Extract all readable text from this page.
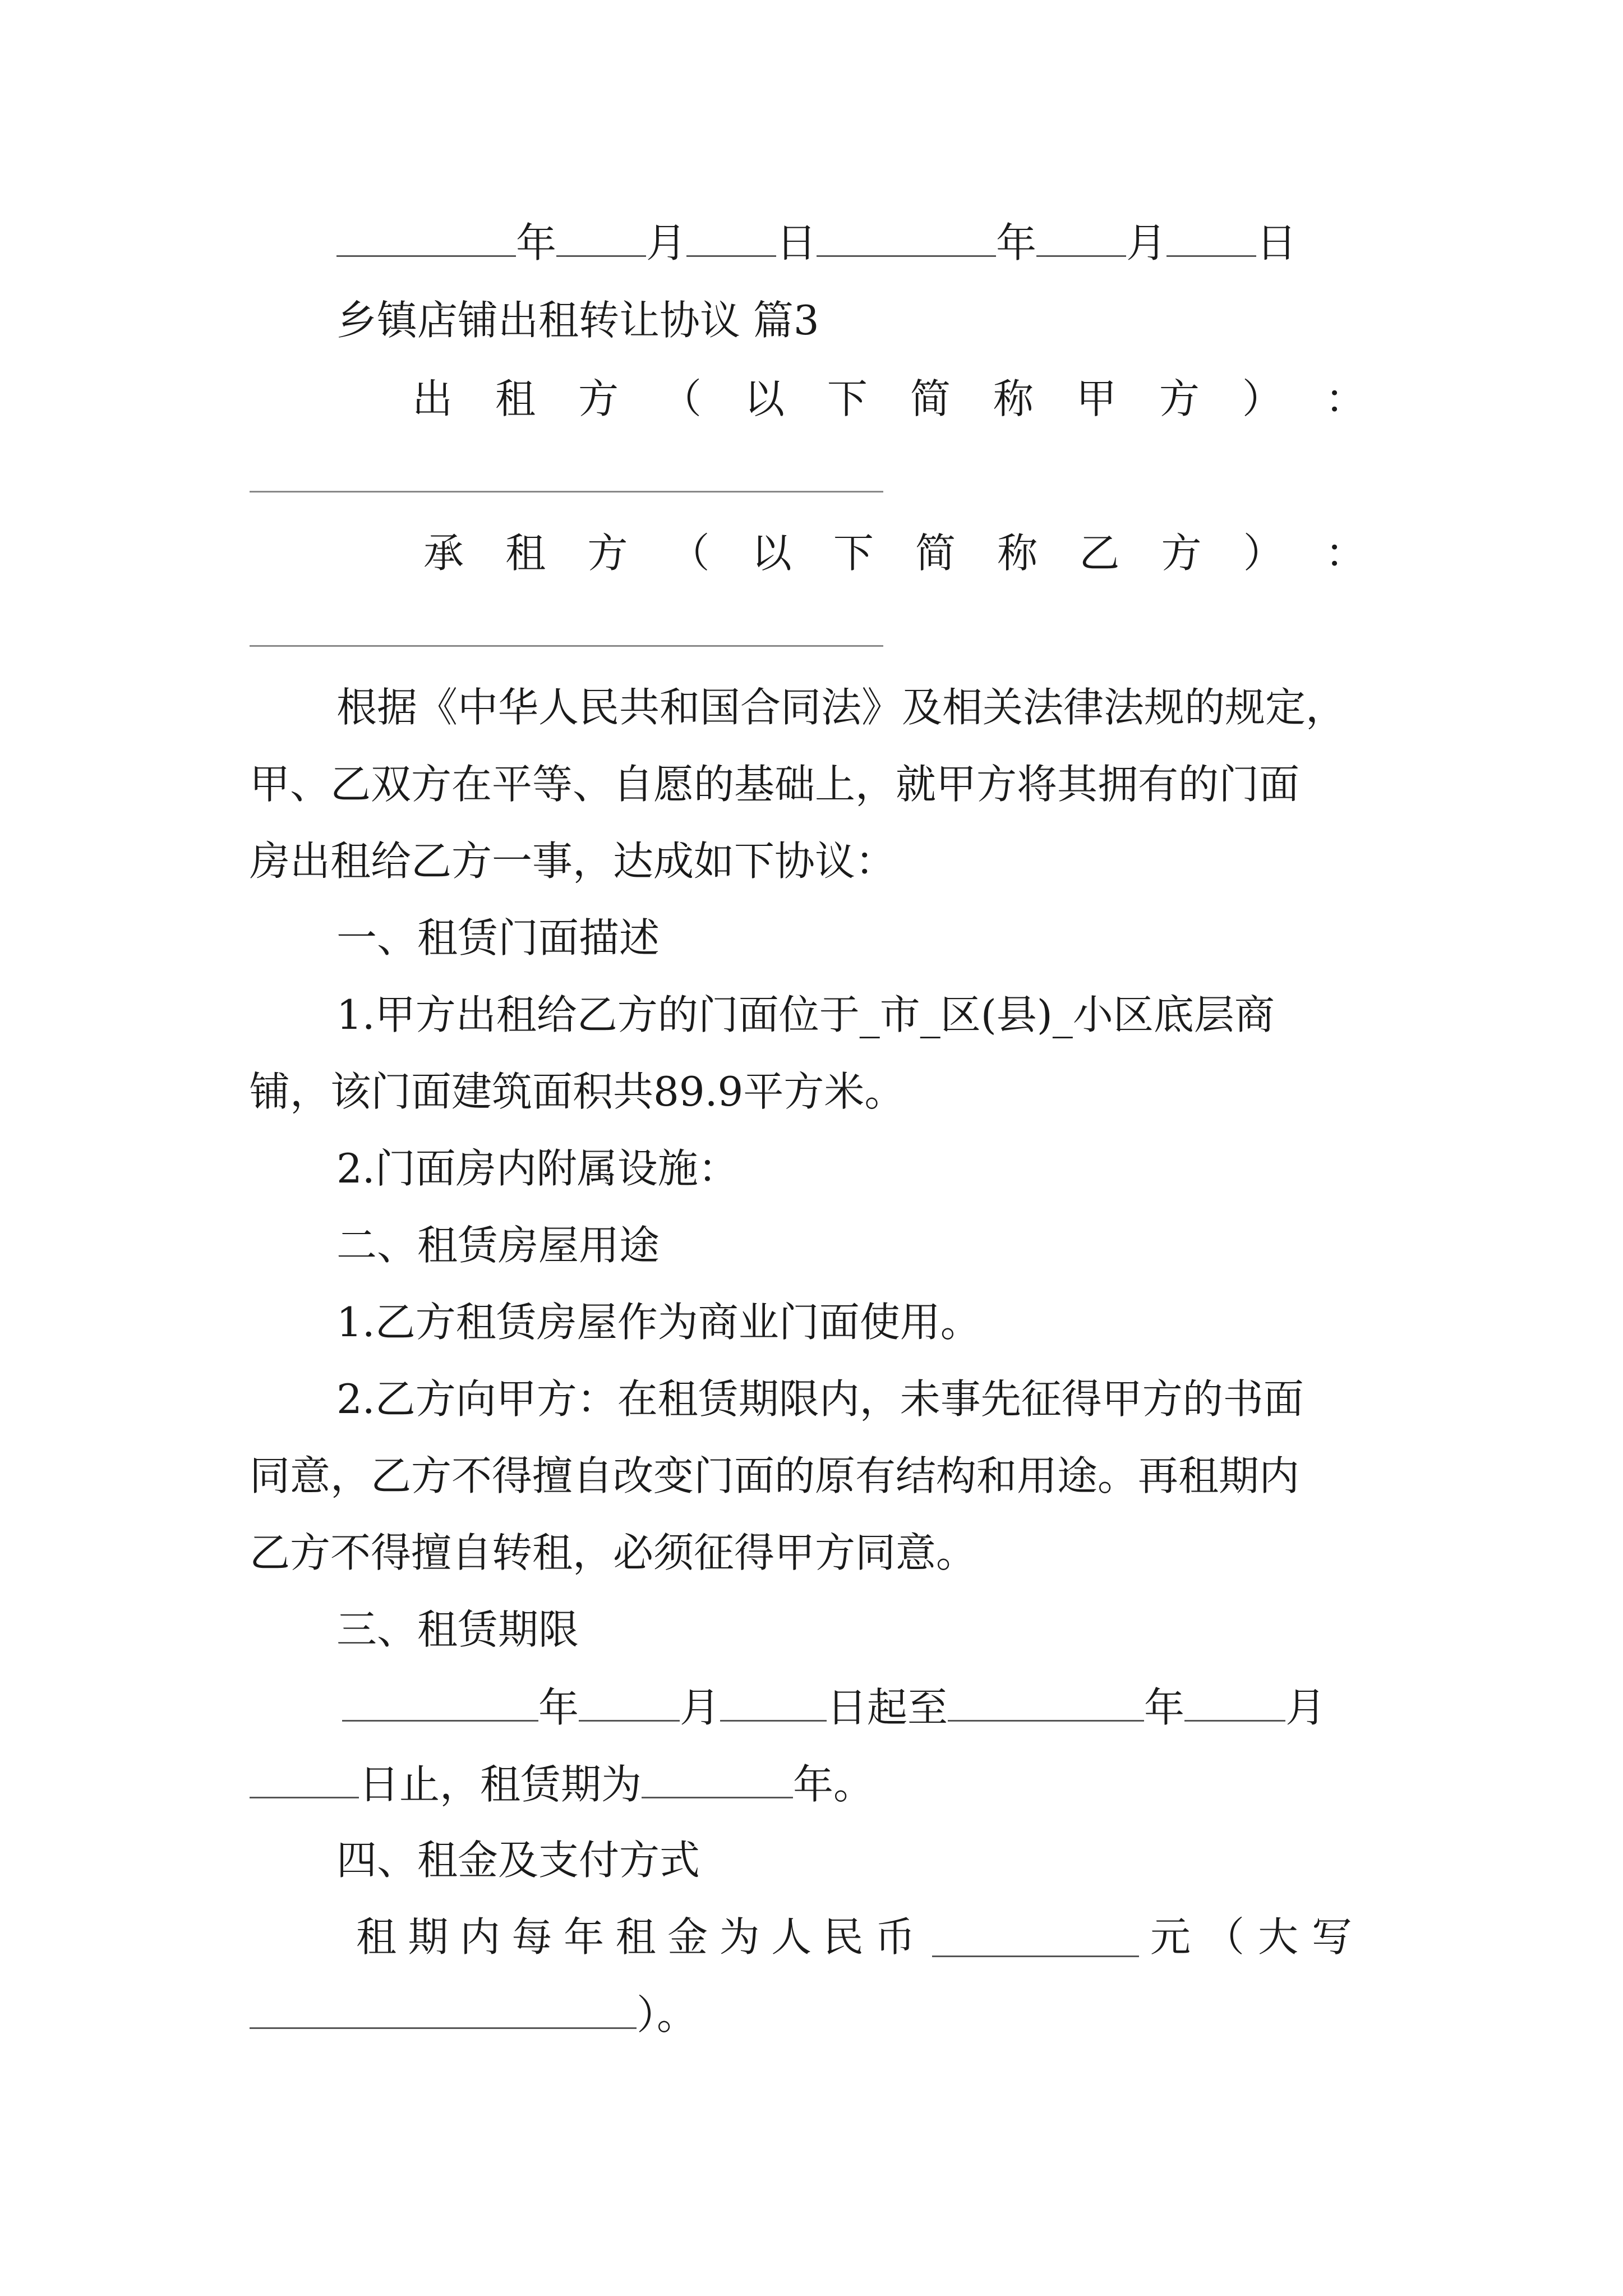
年 月 日	年 月 日
乡镇店铺出租转让协议 篇3
出 租 方 （ 以 下 简 称 甲 方 ） ：
承 租 方 （ 以 下 简 称 乙 方 ） ：
根据《中华人民共和国合同法》及相关法律法规的规定，
甲、乙双方在平等、自愿的基础上，就甲方将其拥有的门面
房出租给乙方一事，达成如下协议：
一、租赁门面描述
1.甲方出租给乙方的门面位于_市_区(县)_小区底层商
铺，该门面建筑面积共89.9平方米。
2.门面房内附属设施：
二、租赁房屋用途
1.乙方租赁房屋作为商业门面使用。
2.乙方向甲方：在租赁期限内，未事先征得甲方的书面
同意，乙方不得擅自改变门面的原有结构和用途。再租期内
乙方不得擅自转租，必须征得甲方同意。
三、租赁期限
年	月	日起至	年	月
日止，租赁期为	年。
四、租金及支付方式
租 期 内 每 年 租 金 为 人 民 币	元（大写
）。
